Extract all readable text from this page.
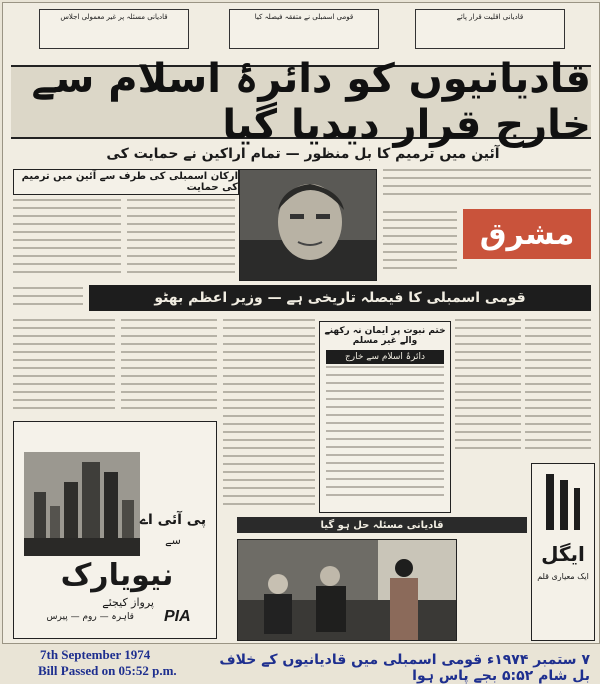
قادیانی مسئلہ پر غیر معمولی اجلاس	قومی اسمبلی نے متفقہ فیصلہ کیا	قادیانی اقلیت قرار پائے
قادیانیوں کو دائرۂ اسلام سے خارج قرار دیدیا گیا
آئین میں ترمیم کا بل منظور — تمام اراکین نے حمایت کی
ارکان اسمبلی کی طرف سے آئین میں ترمیم کی حمایت
مشرق
قومی اسمبلی کا فیصلہ تاریخی ہے — وزیر اعظم بھٹو
ختم نبوت پر ایمان نہ رکھنے والے غیر مسلم
دائرۂ اسلام سے خارج
پی آئی اے
سے
نیویارک
پرواز کیجئے
قاہرہ — روم — پیرس PIA
قادیانی مسئلہ حل ہو گیا
ایگل
ایک معیاری قلم
7th September 1974
Bill Passed on 05:52 p.m.
۷ ستمبر ۱۹۷۴ء قومی اسمبلی میں قادیانیوں کے خلاف بل شام ۵:۵۲ بجے پاس ہوا
